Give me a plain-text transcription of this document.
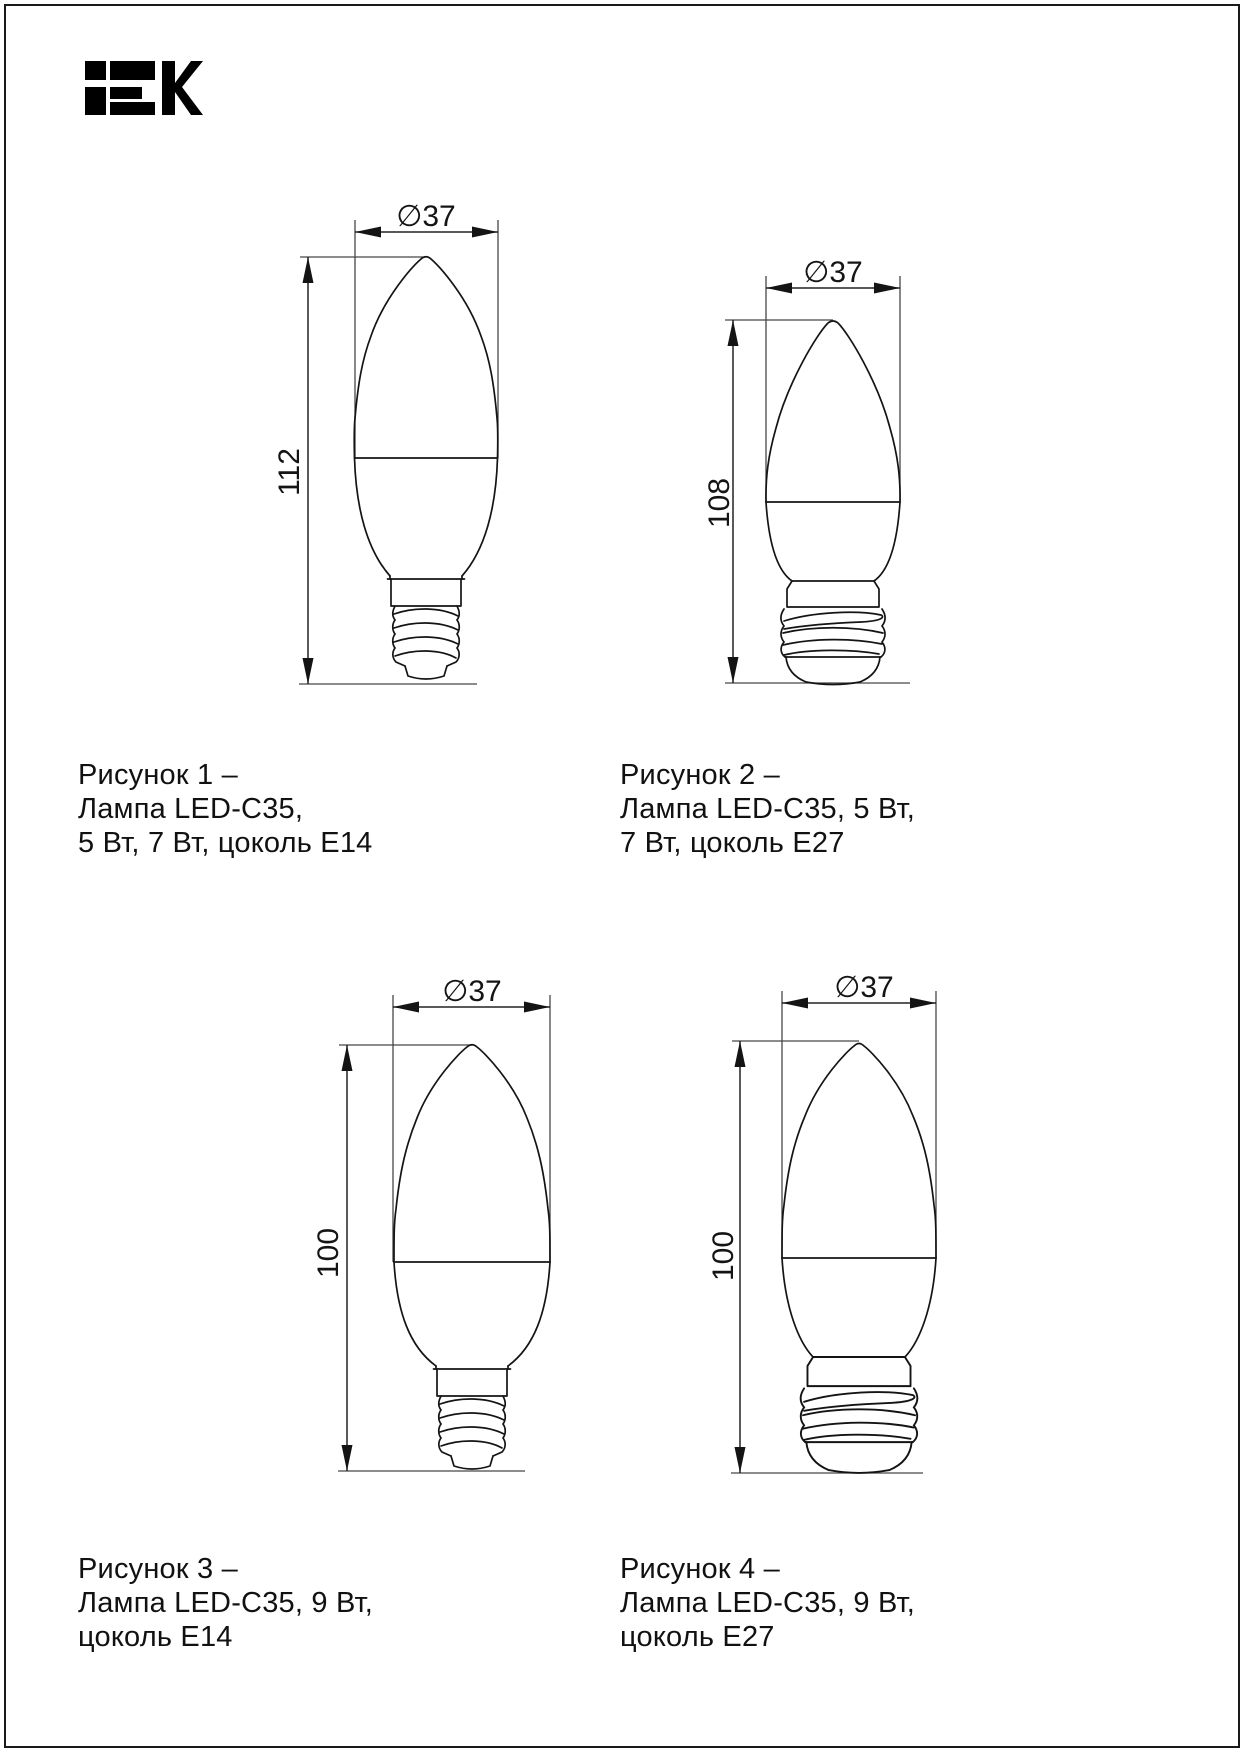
∅37
112
∅37
108
∅37
100
∅37
100
Рисунок 1 –
Лампа LED-C35,
5 Вт, 7 Вт, цоколь Е14
Рисунок 2 –
Лампа LED-C35, 5 Вт,
7 Вт, цоколь Е27
Рисунок 3 –
Лампа LED-C35, 9 Вт,
цоколь Е14
Рисунок 4 –
Лампа LED-C35, 9 Вт,
цоколь Е27
